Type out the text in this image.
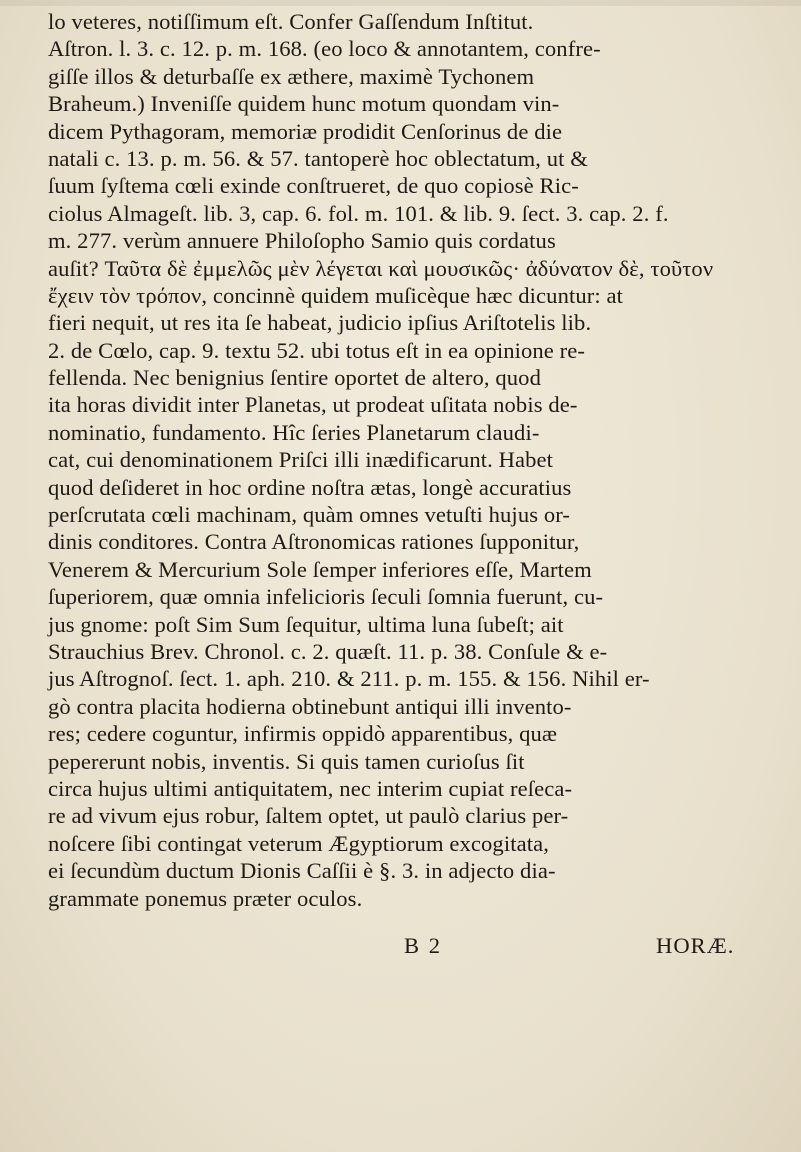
lo veteres, notiſſimum eſt. Confer Gaſſendum Inſtitut.
Aſtron. l. 3. c. 12. p. m. 168. (eo loco & annotantem, confre-
giſſe illos & deturbaſſe ex æthere, maximè Tychonem
Braheum.) Inveniſſe quidem hunc motum quondam vin-
dicem Pythagoram, memoriæ prodidit Cenſorinus de die
natali c. 13. p. m. 56. & 57. tantoperè hoc oblectatum, ut &
ſuum ſyſtema cœli exinde conſtrueret, de quo copiosè Ric-
ciolus Almageſt. lib. 3, cap. 6. fol. m. 101. & lib. 9. ſect. 3. cap. 2. f.
m. 277. verùm annuere Philoſopho Samio quis cordatus
auſit? Ταῦτα δὲ ἐμμελῶς μὲν λέγεται καὶ μουσικῶς· ἀδύνατον δὲ, τοῦτον
ἔχειν τὸν τρόπον, concinnè quidem muſicèque hæc dicuntur: at
fieri nequit, ut res ita ſe habeat, judicio ipſius Ariſtotelis lib.
2. de Cœlo, cap. 9. textu 52. ubi totus eſt in ea opinione re-
fellenda. Nec benignius ſentire oportet de altero, quod
ita horas dividit inter Planetas, ut prodeat uſitata nobis de-
nominatio, fundamento. Hîc ſeries Planetarum claudi-
cat, cui denominationem Priſci illi inædificarunt. Habet
quod deſideret in hoc ordine noſtra ætas, longè accuratius
perſcrutata cœli machinam, quàm omnes vetuſti hujus or-
dinis conditores. Contra Aſtronomicas rationes ſupponitur,
Venerem & Mercurium Sole ſemper inferiores eſſe, Martem
ſuperiorem, quæ omnia infelicioris ſeculi ſomnia fuerunt, cu-
jus gnome: poſt Sim Sum ſequitur, ultima luna ſubeſt; ait
Strauchius Brev. Chronol. c. 2. quæſt. 11. p. 38. Conſule & e-
jus Aſtrognoſ. ſect. 1. aph. 210. & 211. p. m. 155. & 156. Nihil er-
gò contra placita hodierna obtinebunt antiqui illi invento-
res; cedere coguntur, infirmis oppidò apparentibus, quæ
pepererunt nobis, inventis. Si quis tamen curioſus ſit
circa hujus ultimi antiquitatem, nec interim cupiat reſeca-
re ad vivum ejus robur, ſaltem optet, ut paulò clarius per-
noſcere ſibi contingat veterum Ægyptiorum excogitata,
ei ſecundùm ductum Dionis Caſſii è §. 3. in adjecto dia-
grammate ponemus præter oculos.
B 2	HORÆ.
